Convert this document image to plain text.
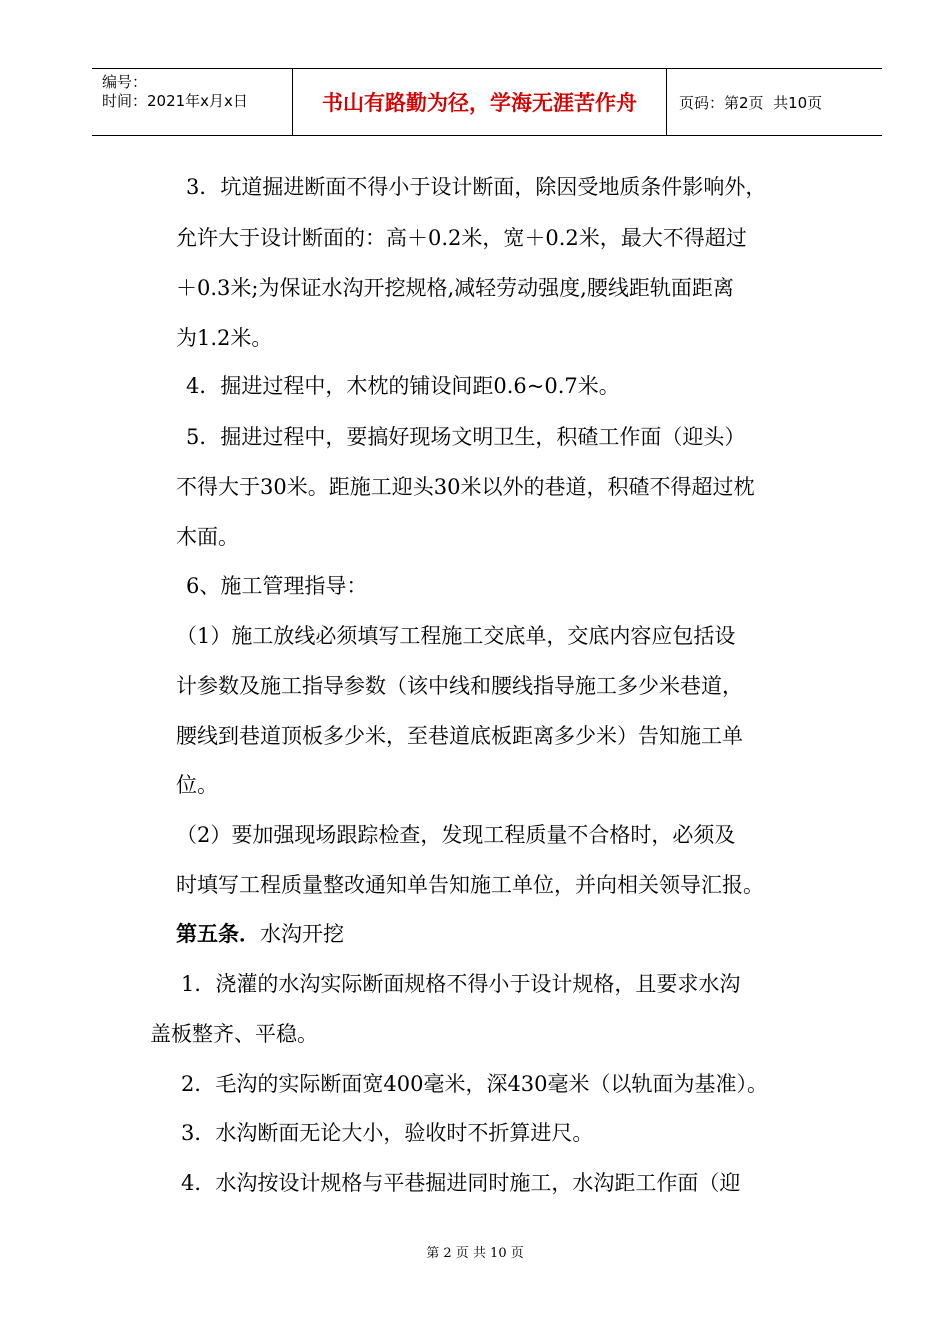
编号：
时间：2021年x月x日	书山有路勤为径，学海无涯苦作舟	页码：第2页  共10页
3．坑道掘进断面不得小于设计断面，除因受地质条件影响外，
允许大于设计断面的：高＋0.2米，宽＋0.2米，最大不得超过
＋0.3米;为保证水沟开挖规格,减轻劳动强度,腰线距轨面距离
为1.2米。
4．掘进过程中，木枕的铺设间距0.6~0.7米。
5．掘进过程中，要搞好现场文明卫生，积碴工作面（迎头）
不得大于30米。距施工迎头30米以外的巷道，积碴不得超过枕
木面。
6、施工管理指导：
（1）施工放线必须填写工程施工交底单，交底内容应包括设
计参数及施工指导参数（该中线和腰线指导施工多少米巷道，
腰线到巷道顶板多少米，至巷道底板距离多少米）告知施工单
位。
（2）要加强现场跟踪检查，发现工程质量不合格时，必须及
时填写工程质量整改通知单告知施工单位，并向相关领导汇报。
第五条．水沟开挖
1．浇灌的水沟实际断面规格不得小于设计规格，且要求水沟
盖板整齐、平稳。
2．毛沟的实际断面宽400毫米，深430毫米（以轨面为基准）。
3．水沟断面无论大小，验收时不折算进尺。
4．水沟按设计规格与平巷掘进同时施工，水沟距工作面（迎
第 2 页 共 10 页
